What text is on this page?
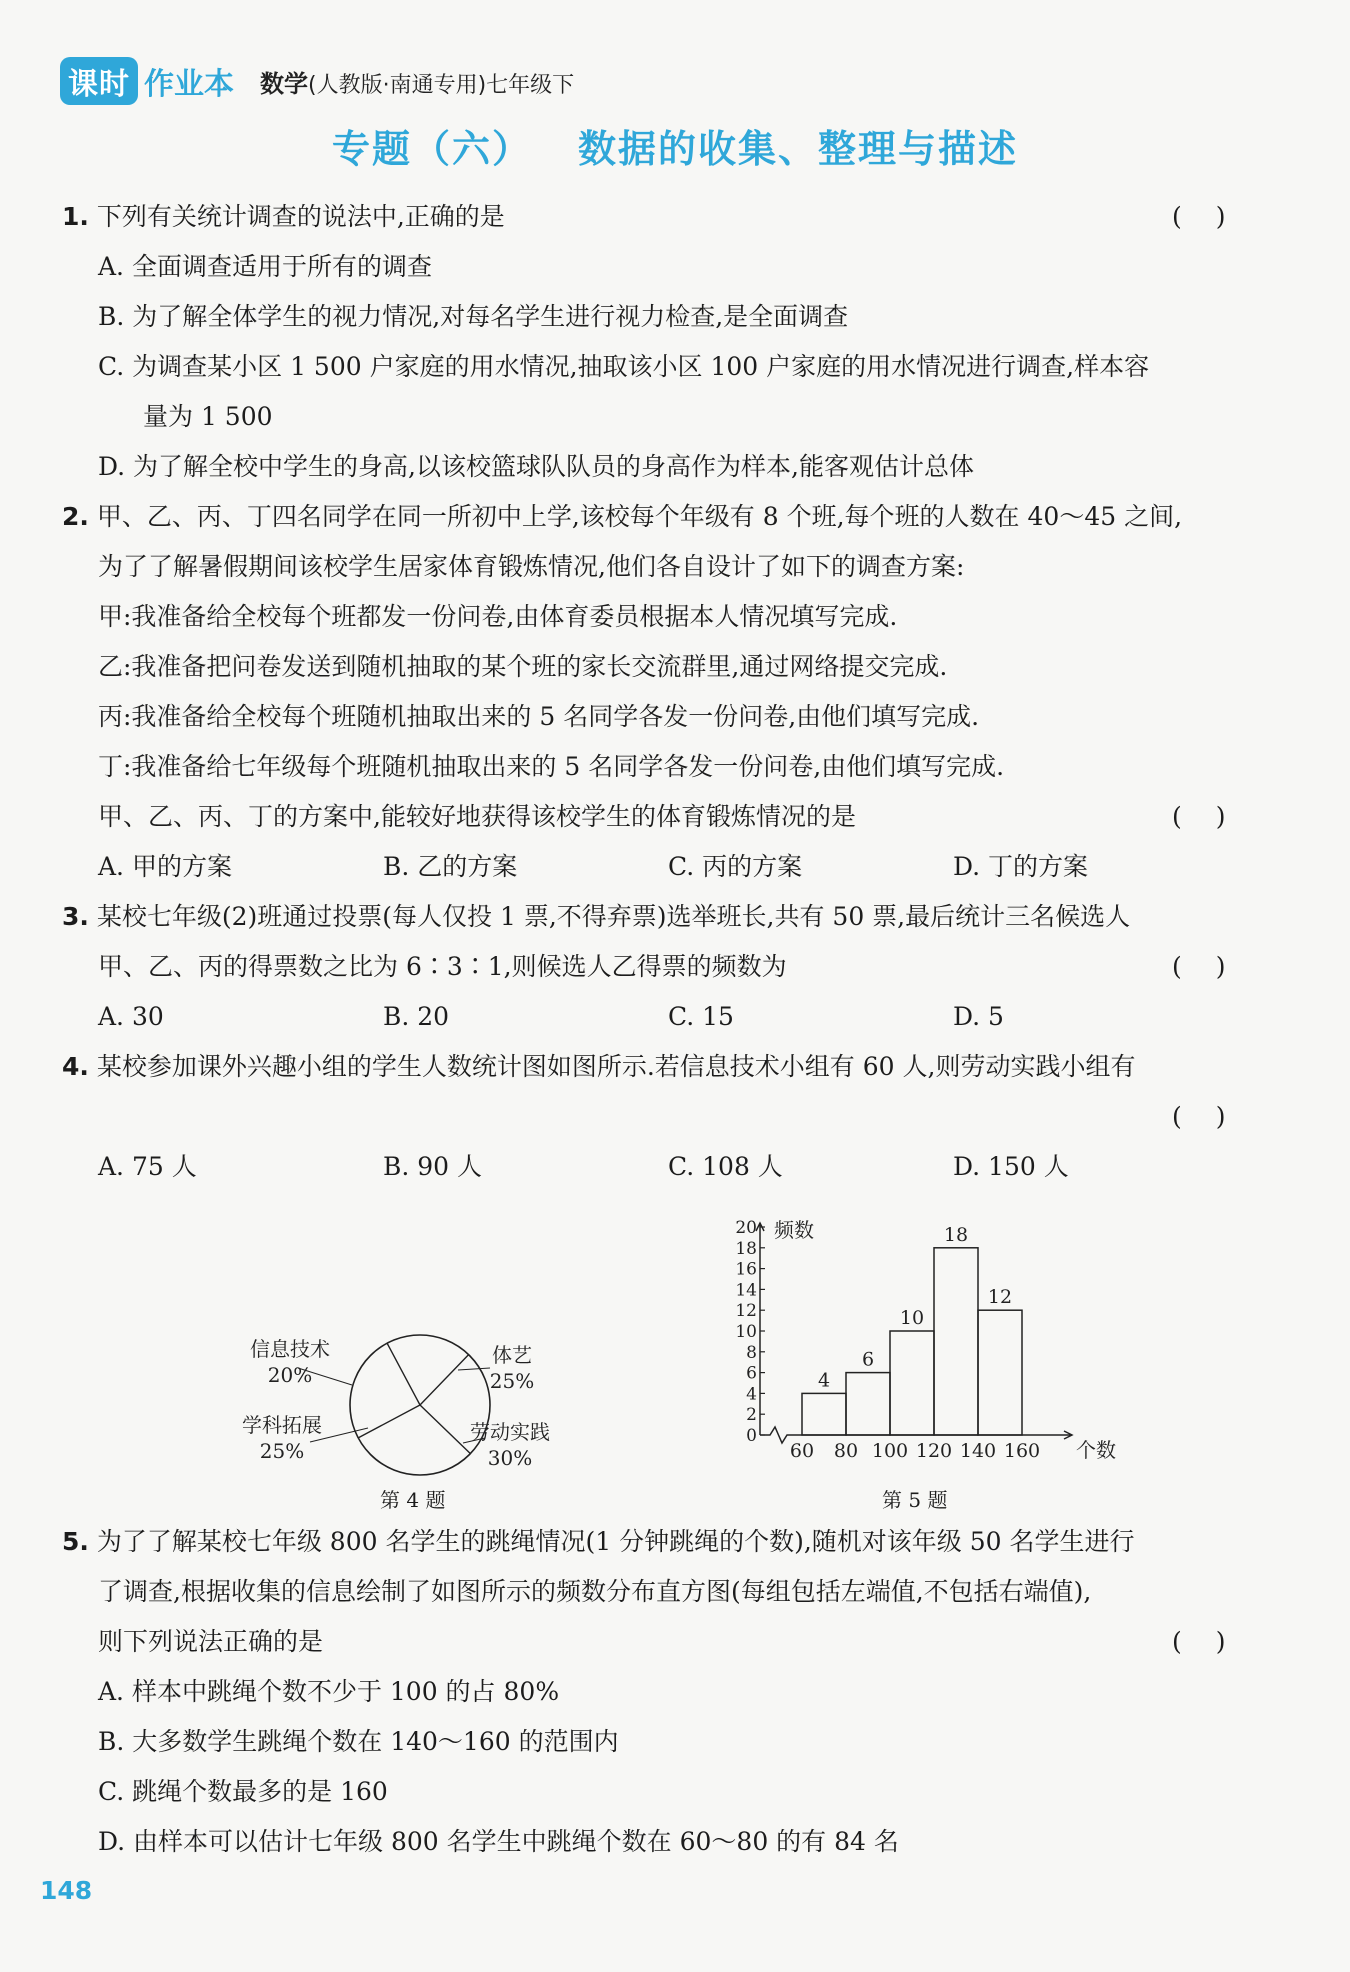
课时 作业本 数学(人教版·南通专用)七年级下
专题（六） 数据的收集、整理与描述
1. 下列有关统计调查的说法中,正确的是	( )
A. 全面调查适用于所有的调查
B. 为了解全体学生的视力情况,对每名学生进行视力检查,是全面调查
C. 为调查某小区 1 500 户家庭的用水情况,抽取该小区 100 户家庭的用水情况进行调查,样本容
量为 1 500
D. 为了解全校中学生的身高,以该校篮球队队员的身高作为样本,能客观估计总体
2. 甲、乙、丙、丁四名同学在同一所初中上学,该校每个年级有 8 个班,每个班的人数在 40～45 之间,
为了了解暑假期间该校学生居家体育锻炼情况,他们各自设计了如下的调查方案:
甲:我准备给全校每个班都发一份问卷,由体育委员根据本人情况填写完成.
乙:我准备把问卷发送到随机抽取的某个班的家长交流群里,通过网络提交完成.
丙:我准备给全校每个班随机抽取出来的 5 名同学各发一份问卷,由他们填写完成.
丁:我准备给七年级每个班随机抽取出来的 5 名同学各发一份问卷,由他们填写完成.
甲、乙、丙、丁的方案中,能较好地获得该校学生的体育锻炼情况的是	( )
A. 甲的方案	B. 乙的方案	C. 丙的方案	D. 丁的方案
3. 某校七年级(2)班通过投票(每人仅投 1 票,不得弃票)选举班长,共有 50 票,最后统计三名候选人
甲、乙、丙的得票数之比为 6∶3∶1,则候选人乙得票的频数为	( )
A. 30	B. 20	C. 15	D. 5
4. 某校参加课外兴趣小组的学生人数统计图如图所示.若信息技术小组有 60 人,则劳动实践小组有
( )
A. 75 人	B. 90 人	C. 108 人	D. 150 人
信息技术
20%
体艺
25%
劳动实践
30%
学科拓展
25%
第 4 题
频数
个数
4
6
10
18
12
0
2
4
6
8
10
12
14
16
18
20
60 80 100 120 140 160
第 5 题
5. 为了了解某校七年级 800 名学生的跳绳情况(1 分钟跳绳的个数),随机对该年级 50 名学生进行
了调查,根据收集的信息绘制了如图所示的频数分布直方图(每组包括左端值,不包括右端值),
则下列说法正确的是	( )
A. 样本中跳绳个数不少于 100 的占 80%
B. 大多数学生跳绳个数在 140～160 的范围内
C. 跳绳个数最多的是 160
D. 由样本可以估计七年级 800 名学生中跳绳个数在 60～80 的有 84 名
148
